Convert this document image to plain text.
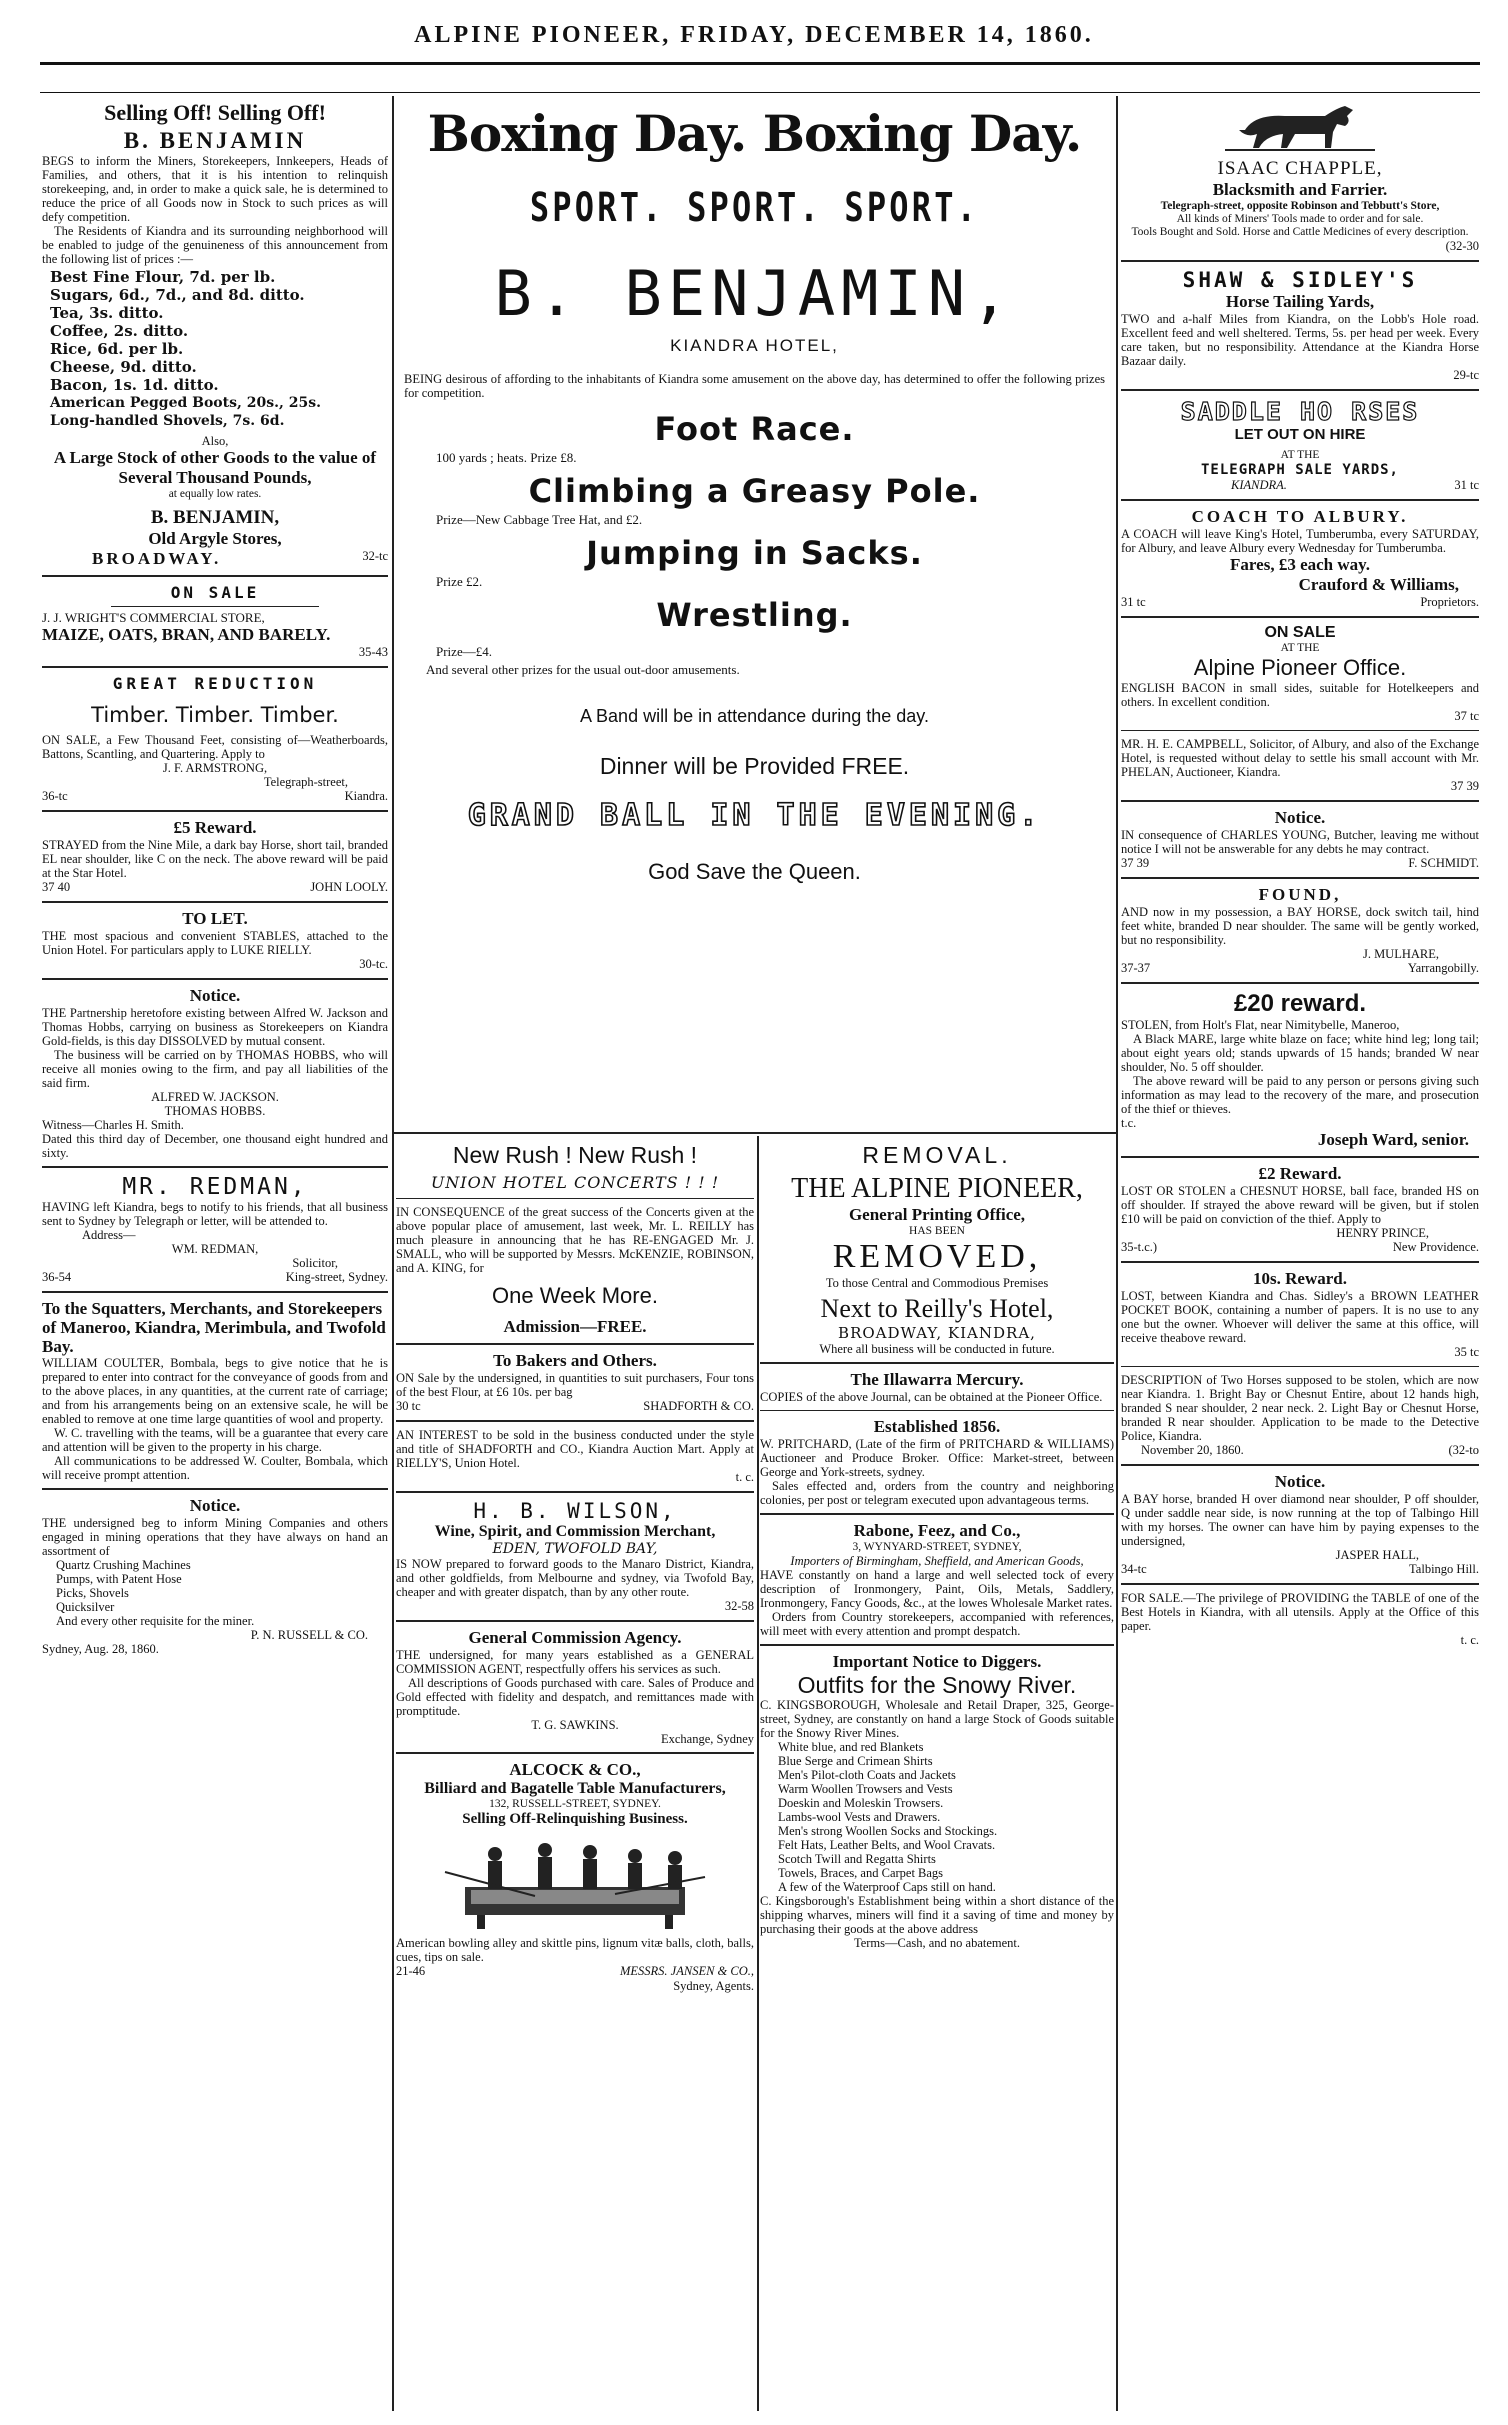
ALPINE PIONEER, FRIDAY, DECEMBER 14, 1860.
Selling Off! Selling Off!
B. BENJAMIN

BEGS to inform the Miners, Storekeepers, Innkeepers, Heads of Families, and others, that it is his intention to relinquish storekeeping, and, in order to make a quick sale, he is determined to reduce the price of all Goods now in Stock to such prices as will defy competition.

The Residents of Kiandra and its surrounding neighborhood will be enabled to judge of the genuineness of this announcement from the following list of prices :—

Best Fine Flour, 7d. per lb.
Sugars, 6d., 7d., and 8d. ditto.
Tea, 3s. ditto.
Coffee, 2s. ditto.
Rice, 6d. per lb.
Cheese, 9d. ditto.
Bacon, 1s. 1d. ditto.
American Pegged Boots, 20s., 25s.
Long-handled Shovels, 7s. 6d.
Also,
A Large Stock of other Goods to the value of Several Thousand Pounds,
at equally low rates.
B. BENJAMIN,
Old Argyle Stores,
BROADWAY.	32-tc
ON SALE
J. J. WRIGHT'S COMMERCIAL STORE,
MAIZE, OATS, BRAN, AND BARELY.
35-43
GREAT REDUCTION
Timber. Timber. Timber.

ON SALE, a Few Thousand Feet, consisting of—Weatherboards, Battons, Scantling, and Quartering. Apply to

J. F. ARMSTRONG,
Telegraph-street,
36-tc	Kiandra.
£5 Reward.

STRAYED from the Nine Mile, a dark bay Horse, short tail, branded EL near shoulder, like C on the neck. The above reward will be paid at the Star Hotel.

37 40	JOHN LOOLY.
TO LET.

THE most spacious and convenient STABLES, attached to the Union Hotel. For particulars apply to LUKE RIELLY.

30-tc.
Notice.

THE Partnership heretofore existing between Alfred W. Jackson and Thomas Hobbs, carrying on business as Storekeepers on Kiandra Gold-fields, is this day DISSOLVED by mutual consent.

The business will be carried on by THOMAS HOBBS, who will receive all monies owing to the firm, and pay all liabilities of the said firm.

ALFRED W. JACKSON.
THOMAS HOBBS.

Witness—Charles H. Smith.

Dated this third day of December, one thousand eight hundred and sixty.

MR. REDMAN,

HAVING left Kiandra, begs to notify to his friends, that all business sent to Sydney by Telegraph or letter, will be attended to.

Address—
WM. REDMAN,
Solicitor,
36-54	King-street, Sydney.
To the Squatters, Merchants, and Storekeepers of Maneroo, Kiandra, Merimbula, and Twofold Bay.

WILLIAM COULTER, Bombala, begs to give notice that he is prepared to enter into contract for the conveyance of goods from and to the above places, in any quantities, at the current rate of carriage; and from his arrangements being on an extensive scale, he will be enabled to remove at one time large quantities of wool and property.

W. C. travelling with the teams, will be a guarantee that every care and attention will be given to the property in his charge.

All communications to be addressed W. Coulter, Bombala, which will receive prompt attention.

Notice.

THE undersigned beg to inform Mining Companies and others engaged in mining operations that they have always on hand an assortment of

Quartz Crushing Machines
Pumps, with Patent Hose
Picks, Shovels
Quicksilver
And every other requisite for the miner.
P. N. RUSSELL & CO.
Sydney, Aug. 28, 1860.
Boxing Day. Boxing Day.
SPORT. SPORT. SPORT.
B. BENJAMIN,
KIANDRA HOTEL,

BEING desirous of affording to the inhabitants of Kiandra some amusement on the above day, has determined to offer the following prizes for competition.

Foot Race.
100 yards ; heats. Prize £8.
Climbing a Greasy Pole.
Prize—New Cabbage Tree Hat, and £2.
Jumping in Sacks.
Prize £2.
Wrestling.
Prize—£4.
And several other prizes for the usual out-door amusements.
A Band will be in attendance during the day.
Dinner will be Provided FREE.
GRAND BALL IN THE EVENING.
God Save the Queen.
New Rush ! New Rush !
UNION HOTEL CONCERTS ! ! !

IN CONSEQUENCE of the great success of the Concerts given at the above popular place of amusement, last week, Mr. L. REILLY has much pleasure in announcing that he has RE-ENGAGED Mr. J. SMALL, who will be supported by Messrs. McKENZIE, ROBINSON, and A. KING, for

One Week More.
Admission—FREE.
To Bakers and Others.

ON Sale by the undersigned, in quantities to suit purchasers, Four tons of the best Flour, at £6 10s. per bag

30 tc	SHADFORTH & CO.

AN INTEREST to be sold in the business conducted under the style and title of SHADFORTH and CO., Kiandra Auction Mart. Apply at RIELLY'S, Union Hotel.

t. c.
H. B. WILSON,
Wine, Spirit, and Commission Merchant,
EDEN, TWOFOLD BAY,

IS NOW prepared to forward goods to the Manaro District, Kiandra, and other goldfields, from Melbourne and sydney, via Twofold Bay, cheaper and with greater dispatch, than by any other route.

32-58
General Commission Agency.

THE undersigned, for many years established as a GENERAL COMMISSION AGENT, respectfully offers his services as such.

All descriptions of Goods purchased with care. Sales of Produce and Gold effected with fidelity and despatch, and remittances made with promptitude.

T. G. SAWKINS.
Exchange, Sydney
ALCOCK & CO.,
Billiard and Bagatelle Table Manufacturers,
132, RUSSELL-STREET, SYDNEY.
Selling Off-Relinquishing Business.

American bowling alley and skittle pins, lignum vitæ balls, cloth, balls, cues, tips on sale.

21-46	MESSRS. JANSEN & CO.,
Sydney, Agents.
REMOVAL.
THE ALPINE PIONEER,
General Printing Office,
HAS BEEN
REMOVED,
To those Central and Commodious Premises
Next to Reilly's Hotel,
BROADWAY, KIANDRA,
Where all business will be conducted in future.
The Illawarra Mercury.

COPIES of the above Journal, can be obtained at the Pioneer Office.

Established 1856.

W. PRITCHARD, (Late of the firm of PRITCHARD & WILLIAMS) Auctioneer and Produce Broker. Office: Market-street, between George and York-streets, sydney.

Sales effected and, orders from the country and neighboring colonies, per post or telegram executed upon advantageous terms.

Rabone, Feez, and Co.,
3, WYNYARD-STREET, SYDNEY,
Importers of Birmingham, Sheffield, and American Goods,

HAVE constantly on hand a large and well selected tock of every description of Ironmongery, Paint, Oils, Metals, Saddlery, Ironmongery, Fancy Goods, &c., at the lowes Wholesale Market rates.

Orders from Country storekeepers, accompanied with references, will meet with every attention and prompt despatch.

Important Notice to Diggers.
Outfits for the Snowy River.

C. KINGSBOROUGH, Wholesale and Retail Draper, 325, George-street, Sydney, are constantly on hand a large Stock of Goods suitable for the Snowy River Mines.

White blue, and red Blankets
Blue Serge and Crimean Shirts
Men's Pilot-cloth Coats and Jackets
Warm Woollen Trowsers and Vests
Doeskin and Moleskin Trowsers.
Lambs-wool Vests and Drawers.
Men's strong Woollen Socks and Stockings.
Felt Hats, Leather Belts, and Wool Cravats.
Scotch Twill and Regatta Shirts
Towels, Braces, and Carpet Bags
A few of the Waterproof Caps still on hand.

C. Kingsborough's Establishment being within a short distance of the shipping wharves, miners will find it a saving of time and money by purchasing their goods at the above address

Terms—Cash, and no abatement.
ISAAC CHAPPLE,
Blacksmith and Farrier.
Telegraph-street, opposite Robinson and Tebbutt's Store,
All kinds of Miners' Tools made to order and for sale.
Tools Bought and Sold. Horse and Cattle Medicines of every description.
(32-30
SHAW & SIDLEY'S
Horse Tailing Yards,

TWO and a-half Miles from Kiandra, on the Lobb's Hole road. Excellent feed and well sheltered. Terms, 5s. per head per week. Every care taken, but no responsibility. Attendance at the Kiandra Horse Bazaar daily.

29-tc
SADDLE HO RSES
LET OUT ON HIRE
AT THE
TELEGRAPH SALE YARDS,
KIANDRA.	31 tc
COACH TO ALBURY.

A COACH will leave King's Hotel, Tumberumba, every SATURDAY, for Albury, and leave Albury every Wednesday for Tumberumba.

Fares, £3 each way.
Crauford & Williams,
31 tc	Proprietors.
ON SALE
AT THE
Alpine Pioneer Office.

ENGLISH BACON in small sides, suitable for Hotelkeepers and others. In excellent condition.

37 tc

MR. H. E. CAMPBELL, Solicitor, of Albury, and also of the Exchange Hotel, is requested without delay to settle his small account with Mr. PHELAN, Auctioneer, Kiandra.

37 39
Notice.

IN consequence of CHARLES YOUNG, Butcher, leaving me without notice I will not be answerable for any debts he may contract.

37 39	F. SCHMIDT.
FOUND,

AND now in my possession, a BAY HORSE, dock switch tail, hind feet white, branded D near shoulder. The same will be gently worked, but no responsibility.

J. MULHARE,
37-37	Yarrangobilly.
£20 reward.

STOLEN, from Holt's Flat, near Nimitybelle, Maneroo,

A Black MARE, large white blaze on face; white hind leg; long tail; about eight years old; stands upwards of 15 hands; branded W near shoulder, No. 5 off shoulder.

The above reward will be paid to any person or persons giving such information as may lead to the recovery of the mare, and prosecution of the thief or thieves.

t.c.
Joseph Ward, senior.
£2 Reward.

LOST OR STOLEN a CHESNUT HORSE, ball face, branded HS on off shoulder. If strayed the above reward will be given, but if stolen £10 will be paid on conviction of the thief. Apply to

HENRY PRINCE,
35-t.c.)	New Providence.
10s. Reward.

LOST, between Kiandra and Chas. Sidley's a BROWN LEATHER POCKET BOOK, containing a number of papers. It is no use to any one but the owner. Whoever will deliver the same at this office, will receive theabove reward.

35 tc

DESCRIPTION of Two Horses supposed to be stolen, which are now near Kiandra. 1. Bright Bay or Chesnut Entire, about 12 hands high, branded S near shoulder, 2 near neck. 2. Light Bay or Chesnut Horse, branded R near shoulder. Application to be made to the Detective Police, Kiandra.

November 20, 1860.	(32-to
Notice.

A BAY horse, branded H over diamond near shoulder, P off shoulder, Q under saddle near side, is now running at the top of Talbingo Hill with my horses. The owner can have him by paying expenses to the undersigned,

JASPER HALL,
34-tc	Talbingo Hill.

FOR SALE.—The privilege of PROVIDING the TABLE of one of the Best Hotels in Kiandra, with all utensils. Apply at the Office of this paper.

t. c.
